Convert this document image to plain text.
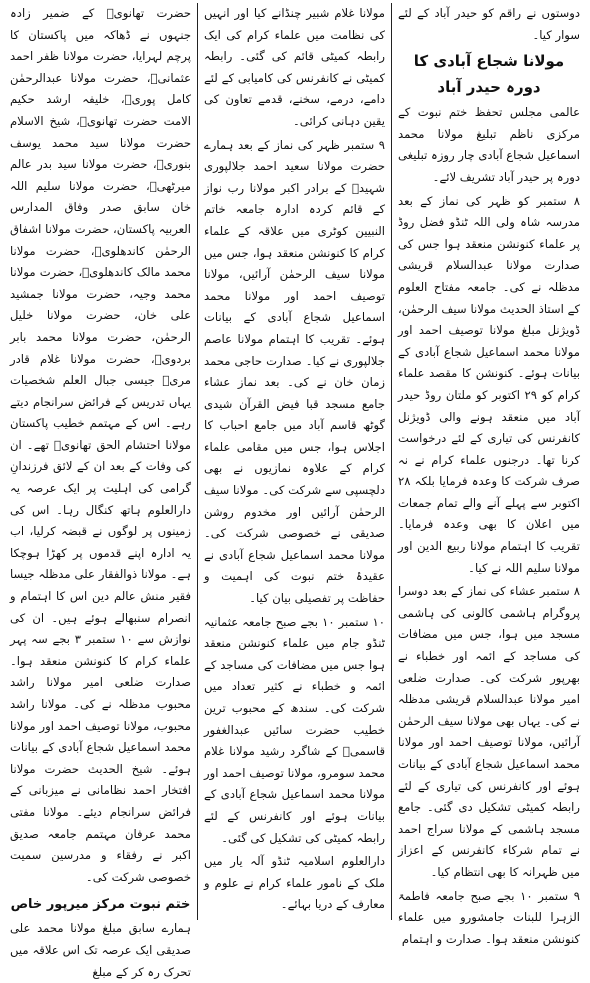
دوستوں نے راقم کو حیدر آباد کے لئے سوار کیا۔

مولانا شجاع آبادی کا دورہ حیدر آباد

عالمی مجلس تحفظ ختم نبوت کے مرکزی ناظم تبلیغ مولانا محمد اسماعیل شجاع آبادی چار روزہ تبلیغی دورہ پر حیدر آباد تشریف لائے۔

۸ ستمبر کو ظہر کی نماز کے بعد مدرسہ شاہ ولی اللہ ٹنڈو فضل روڈ پر علماء کنونشن منعقد ہوا جس کی صدارت مولانا عبدالسلام قریشی مدظلہ نے کی۔ جامعہ مفتاح العلوم کے استاذ الحدیث مولانا سیف الرحمٰن، ڈویژنل مبلغ مولانا توصیف احمد اور مولانا محمد اسماعیل شجاع آبادی کے بیانات ہوئے۔ کنونشن کا مقصد علماء کرام کو ۲۹ اکتوبر کو ملتان روڈ حیدر آباد میں منعقد ہونے والی ڈویژنل کانفرنس کی تیاری کے لئے درخواست کرنا تھا۔ درجنوں علماء کرام نے نہ صرف شرکت کا وعدہ فرمایا بلکہ ۲۸ اکتوبر سے پہلے آنے والے تمام جمعات میں اعلان کا بھی وعدہ فرمایا۔ تقریب کا اہتمام مولانا ربیع الدین اور مولانا سلیم اللہ نے کیا۔

۸ ستمبر عشاء کی نماز کے بعد دوسرا پروگرام ہاشمی کالونی کی ہاشمی مسجد میں ہوا، جس میں مضافات کی مساجد کے ائمہ اور خطباء نے بھرپور شرکت کی۔ صدارت ضلعی امیر مولانا عبدالسلام قریشی مدظلہ نے کی۔ یہاں بھی مولانا سیف الرحمٰن آرائیں، مولانا توصیف احمد اور مولانا محمد اسماعیل شجاع آبادی کے بیانات ہوئے اور کانفرنس کی تیاری کے لئے رابطہ کمیٹی تشکیل دی گئی۔ جامع مسجد ہاشمی کے مولانا سراج احمد نے تمام شرکاء کانفرنس کے اعزاز میں ظہرانہ کا بھی انتظام کیا۔

۹ ستمبر ۱۰ بجے صبح جامعہ فاطمۃ الزہرا للبنات جامشورو میں علماء کنونشن منعقد ہوا۔ صدارت و اہتمام

مولانا غلام شبیر چنڈانے کیا اور انہیں کی نظامت میں علماء کرام کی ایک رابطہ کمیٹی قائم کی گئی۔ رابطہ کمیٹی نے کانفرنس کی کامیابی کے لئے دامے، درمے، سخنے، قدمے تعاون کی یقین دہانی کرائی۔

۹ ستمبر ظہر کی نماز کے بعد ہمارے حضرت مولانا سعید احمد جلالپوری شہیدؒ کے برادر اکبر مولانا رب نواز کے قائم کردہ ادارہ جامعہ خاتم النبیین کوٹری میں علاقہ کے علماء کرام کا کنونشن منعقد ہوا، جس میں مولانا سیف الرحمٰن آرائیں، مولانا توصیف احمد اور مولانا محمد اسماعیل شجاع آبادی کے بیانات ہوئے۔ تقریب کا اہتمام مولانا عاصم جلالپوری نے کیا۔ صدارت حاجی محمد زمان خان نے کی۔ بعد نماز عشاء جامع مسجد قبا فیض القرآن شیدی گوٹھ قاسم آباد میں جامع احباب کا اجلاس ہوا، جس میں مقامی علماء کرام کے علاوہ نمازیوں نے بھی دلچسپی سے شرکت کی۔ مولانا سیف الرحمٰن آرائیں اور مخدوم روشن صدیقی نے خصوصی شرکت کی۔ مولانا محمد اسماعیل شجاع آبادی نے عقیدۂ ختم نبوت کی اہمیت و حفاظت پر تفصیلی بیان کیا۔

۱۰ ستمبر ۱۰ بجے صبح جامعہ عثمانیہ ٹنڈو جام میں علماء کنونشن منعقد ہوا جس میں مضافات کی مساجد کے ائمہ و خطباء نے کثیر تعداد میں شرکت کی۔ سندھ کے محبوب ترین خطیب حضرت سائیں عبدالغفور قاسمیؒ کے شاگرد رشید مولانا غلام محمد سومرو، مولانا توصیف احمد اور مولانا محمد اسماعیل شجاع آبادی کے بیانات ہوئے اور کانفرنس کے لئے رابطہ کمیٹی کی تشکیل کی گئی۔

دارالعلوم اسلامیہ ٹنڈو آلہ یار میں ملک کے نامور علماء کرام نے علوم و معارف کے دریا بہائے۔

حضرت تھانویؒ کے ضمیر زادہ جنہوں نے ڈھاکہ میں پاکستان کا پرچم لہرایا، حضرت مولانا ظفر احمد عثمانیؒ، حضرت مولانا عبدالرحمٰن کامل پوریؒ، خلیفہ ارشد حکیم الامت حضرت تھانویؒ، شیخ الاسلام حضرت مولانا سید محمد یوسف بنوریؒ، حضرت مولانا سید بدر عالم میرٹھیؒ، حضرت مولانا سلیم اللہ خان سابق صدر وفاق المدارس العربیہ پاکستان، حضرت مولانا اشفاق الرحمٰن کاندھلویؒ، حضرت مولانا محمد مالک کاندھلویؒ، حضرت مولانا محمد وجیہ، حضرت مولانا جمشید علی خان، حضرت مولانا خلیل الرحمٰن، حضرت مولانا محمد بابر بردویؒ، حضرت مولانا غلام قادر مریؒ جیسی جبال العلم شخصیات یہاں تدریس کے فرائض سرانجام دیتے رہے۔ اس کے مہتمم خطیب پاکستان مولانا احتشام الحق تھانویؒ تھے۔ ان کی وفات کے بعد ان کے لائق فرزندانِ گرامی کی اہلیت پر ایک عرصہ یہ دارالعلوم ہاتھ کنگال رہا۔ اس کی زمینوں پر لوگوں نے قبضہ کرلیا، اب یہ ادارہ اپنے قدموں پر کھڑا ہوچکا ہے۔ مولانا ذوالفقار علی مدظلہ جیسا فقیر منش عالم دین اس کا اہتمام و انصرام سنبھالے ہوئے ہیں۔ ان کی نوازش سے ۱۰ ستمبر ۳ بجے سہ پہر علماء کرام کا کنونشن منعقد ہوا۔ صدارت ضلعی امیر مولانا راشد محبوب مدظلہ نے کی۔ مولانا راشد محبوب، مولانا توصیف احمد اور مولانا محمد اسماعیل شجاع آبادی کے بیانات ہوئے۔ شیخ الحدیث حضرت مولانا افتخار احمد نظامانی نے میزبانی کے فرائض سرانجام دیئے۔ مولانا مفتی محمد عرفان مہتمم جامعہ صدیق اکبر نے رفقاء و مدرسین سمیت خصوصی شرکت کی۔

ختم نبوت مرکز میرپور خاص

ہمارے سابق مبلغ مولانا محمد علی صدیقی ایک عرصہ تک اس علاقہ میں تحرک رہ کر کے مبلغ
